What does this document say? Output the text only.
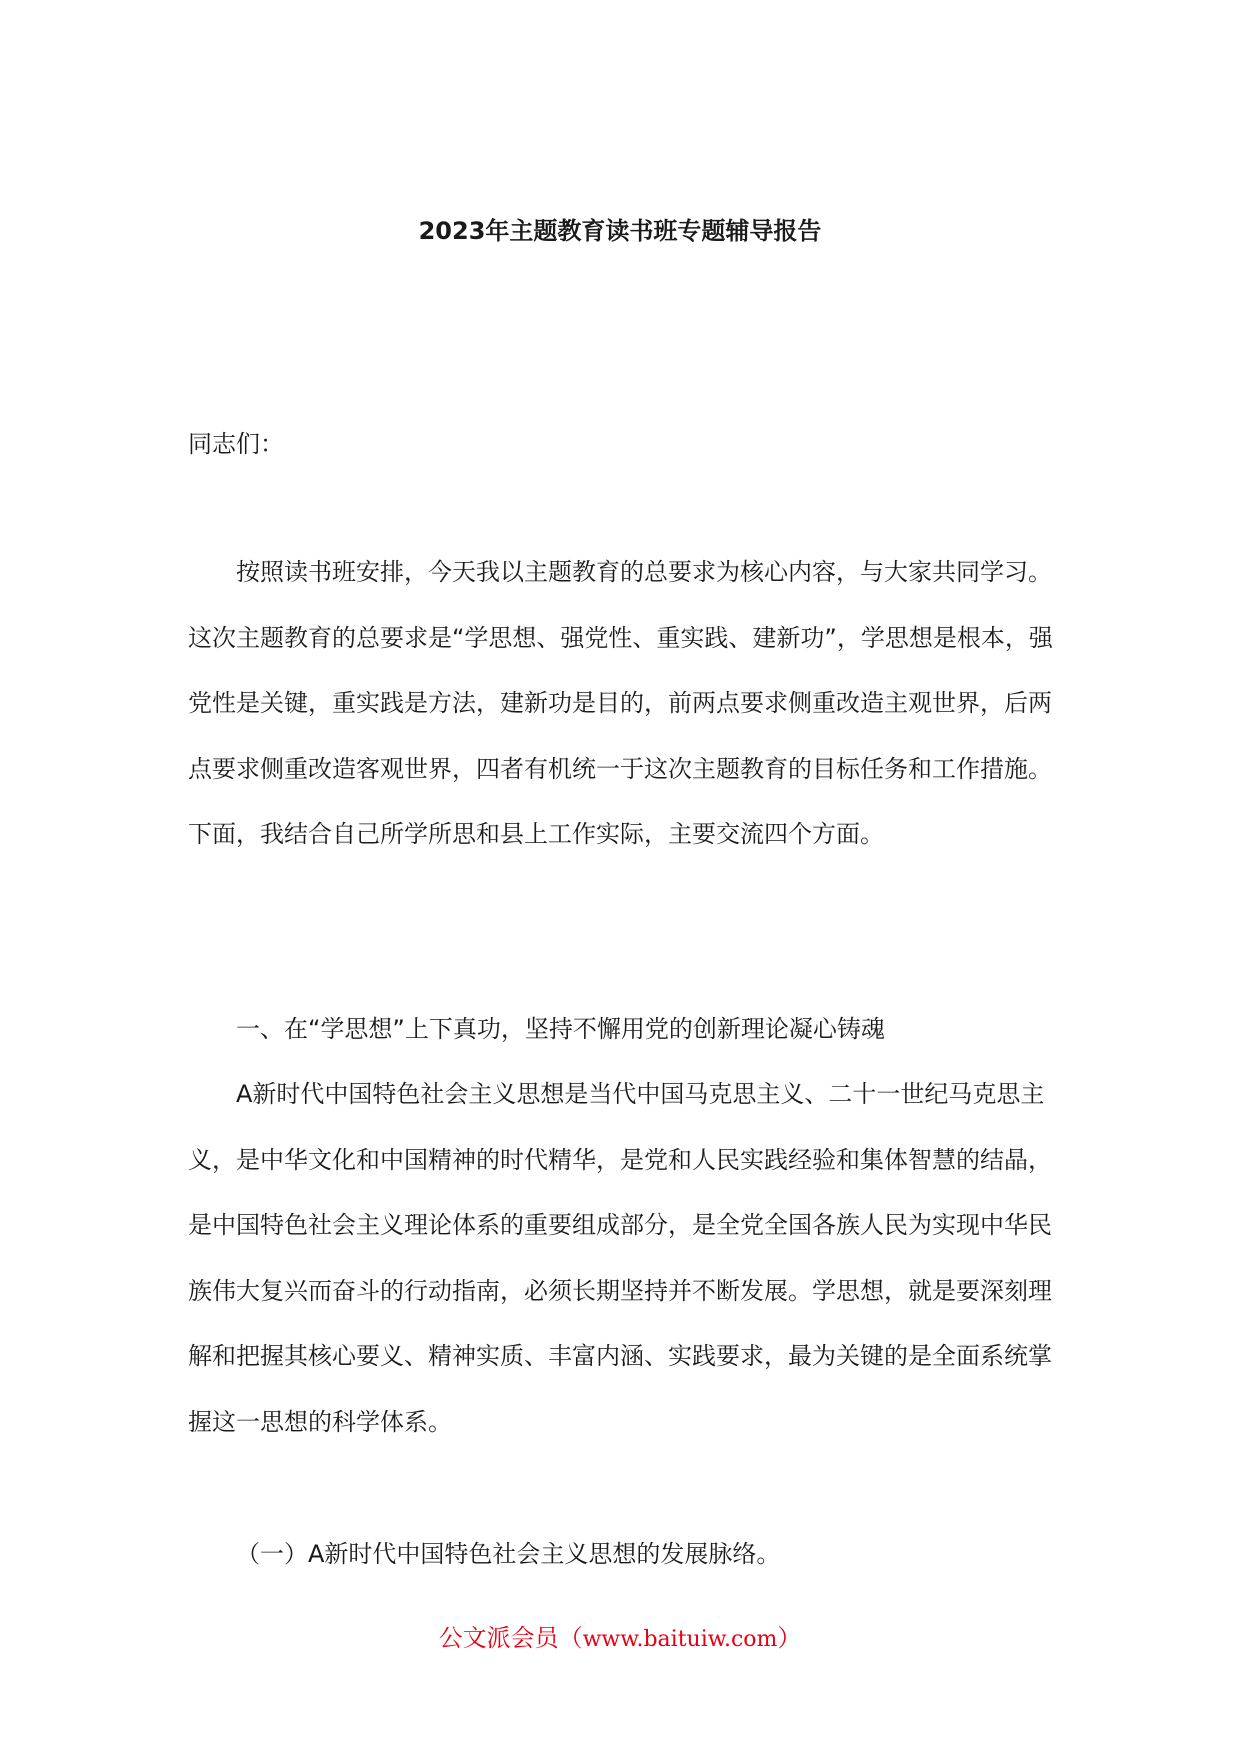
2023年主题教育读书班专题辅导报告

同志们：

按照读书班安排，今天我以主题教育的总要求为核心内容，与大家共同学习。这次主题教育的总要求是“学思想、强党性、重实践、建新功”，学思想是根本，强党性是关键，重实践是方法，建新功是目的，前两点要求侧重改造主观世界，后两点要求侧重改造客观世界，四者有机统一于这次主题教育的目标任务和工作措施。下面，我结合自己所学所思和县上工作实际，主要交流四个方面。

一、在“学思想”上下真功，坚持不懈用党的创新理论凝心铸魂

A新时代中国特色社会主义思想是当代中国马克思主义、二十一世纪马克思主义，是中华文化和中国精神的时代精华，是党和人民实践经验和集体智慧的结晶，是中国特色社会主义理论体系的重要组成部分，是全党全国各族人民为实现中华民族伟大复兴而奋斗的行动指南，必须长期坚持并不断发展。学思想，就是要深刻理解和把握其核心要义、精神实质、丰富内涵、实践要求，最为关键的是全面系统掌握这一思想的科学体系。

（一）A新时代中国特色社会主义思想的发展脉络。

公文派会员（www.baituiw.com）
